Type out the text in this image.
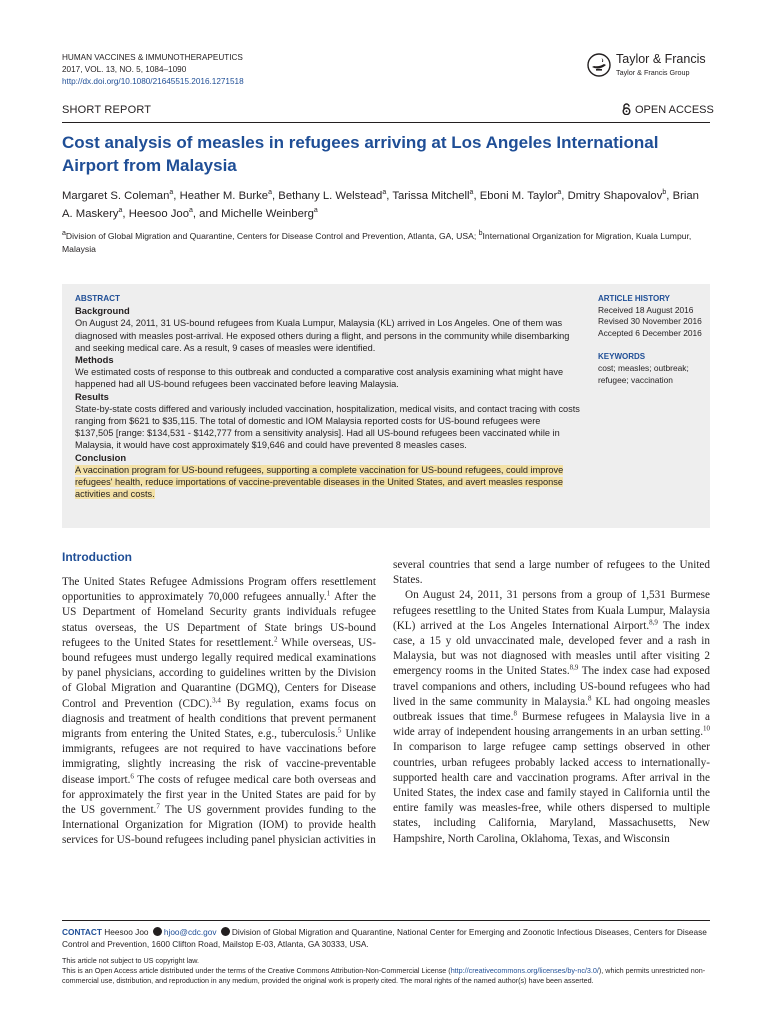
HUMAN VACCINES & IMMUNOTHERAPEUTICS
2017, VOL. 13, NO. 5, 1084–1090
http://dx.doi.org/10.1080/21645515.2016.1271518
Taylor & Francis
Taylor & Francis Group
SHORT REPORT	OPEN ACCESS
Cost analysis of measles in refugees arriving at Los Angeles International Airport from Malaysia
Margaret S. Coleman$^a$, Heather M. Burke$^a$, Bethany L. Welstead$^a$, Tarissa Mitchell$^a$, Eboni M. Taylor$^a$, Dmitry Shapovalov$^b$, Brian A. Maskery$^a$, Heesoo Joo$^a$, and Michelle Weinberg$^a$
$^a$Division of Global Migration and Quarantine, Centers for Disease Control and Prevention, Atlanta, GA, USA; $^b$International Organization for Migration, Kuala Lumpur, Malaysia
ABSTRACT
Background

On August 24, 2011, 31 US-bound refugees from Kuala Lumpur, Malaysia (KL) arrived in Los Angeles. One of them was diagnosed with measles post-arrival. He exposed others during a flight, and persons in the community while disembarking and seeking medical care. As a result, 9 cases of measles were identified.

Methods

We estimated costs of response to this outbreak and conducted a comparative cost analysis examining what might have happened had all US-bound refugees been vaccinated before leaving Malaysia.

Results

State-by-state costs differed and variously included vaccination, hospitalization, medical visits, and contact tracing with costs ranging from $621 to $35,115. The total of domestic and IOM Malaysia reported costs for US-bound refugees were $137,505 [range: $134,531 - $142,777 from a sensitivity analysis]. Had all US-bound refugees been vaccinated while in Malaysia, it would have cost approximately $19,646 and could have prevented 8 measles cases.

Conclusion

A vaccination program for US-bound refugees, supporting a complete vaccination for US-bound refugees, could improve refugees' health, reduce importations of vaccine-preventable diseases in the United States, and avert measles response activities and costs.

ARTICLE HISTORY
Received 18 August 2016
Revised 30 November 2016
Accepted 6 December 2016
KEYWORDS
cost; measles; outbreak; refugee; vaccination
Introduction

The United States Refugee Admissions Program offers resettlement opportunities to approximately 70,000 refugees annually.$^1$ After the US Department of Homeland Security grants individuals refugee status overseas, the US Department of State brings US-bound refugees to the United States for resettlement.$^2$ While overseas, US-bound refugees must undergo legally required medical examinations by panel physicians, according to guidelines written by the Division of Global Migration and Quarantine (DGMQ), Centers for Disease Control and Prevention (CDC).$^{3,4}$ By regulation, exams focus on diagnosis and treatment of health conditions that prevent permanent migrants from entering the United States, e.g., tuberculosis.$^5$ Unlike immigrants, refugees are not required to have vaccinations before immigrating, slightly increasing the risk of vaccine-preventable disease import.$^6$ The costs of refugee medical care both overseas and for approximately the first year in the United States are paid for by the US government.$^7$ The US government provides funding to the International Organization for Migration (IOM) to provide health services for US-bound refugees including panel physician activities in

several countries that send a large number of refugees to the United States.
On August 24, 2011, 31 persons from a group of 1,531 Burmese refugees resettling to the United States from Kuala Lumpur, Malaysia (KL) arrived at the Los Angeles International Airport.$^{8,9}$ The index case, a 15 y old unvaccinated male, developed fever and a rash in Malaysia, but was not diagnosed with measles until after visiting 2 emergency rooms in the United States.$^{8,9}$ The index case had exposed travel companions and others, including US-bound refugees who had lived in the same community in Malaysia.$^8$ KL had ongoing measles outbreak issues that time.$^8$ Burmese refugees in Malaysia live in a wide array of independent housing arrangements in an urban setting.$^{10}$ In comparison to large refugee camp settings observed in other countries, urban refugees probably lacked access to internationally-supported health care and vaccination programs. After arrival in the United States, the index case and family stayed in California until the entire family was measles-free, while others dispersed to multiple states, including California, Maryland, Massachusetts, New Hampshire, North Carolina, Oklahoma, Texas, and Wisconsin
CONTACT Heesoo Joo hjoo@cdc.gov Division of Global Migration and Quarantine, National Center for Emerging and Zoonotic Infectious Diseases, Centers for Disease Control and Prevention, 1600 Clifton Road, Mailstop E-03, Atlanta, GA 30333, USA.

This article not subject to US copyright law.

This is an Open Access article distributed under the terms of the Creative Commons Attribution-Non-Commercial License (http://creativecommons.org/licenses/by-nc/3.0/), which permits unrestricted non-commercial use, distribution, and reproduction in any medium, provided the original work is properly cited. The moral rights of the named author(s) have been asserted.
